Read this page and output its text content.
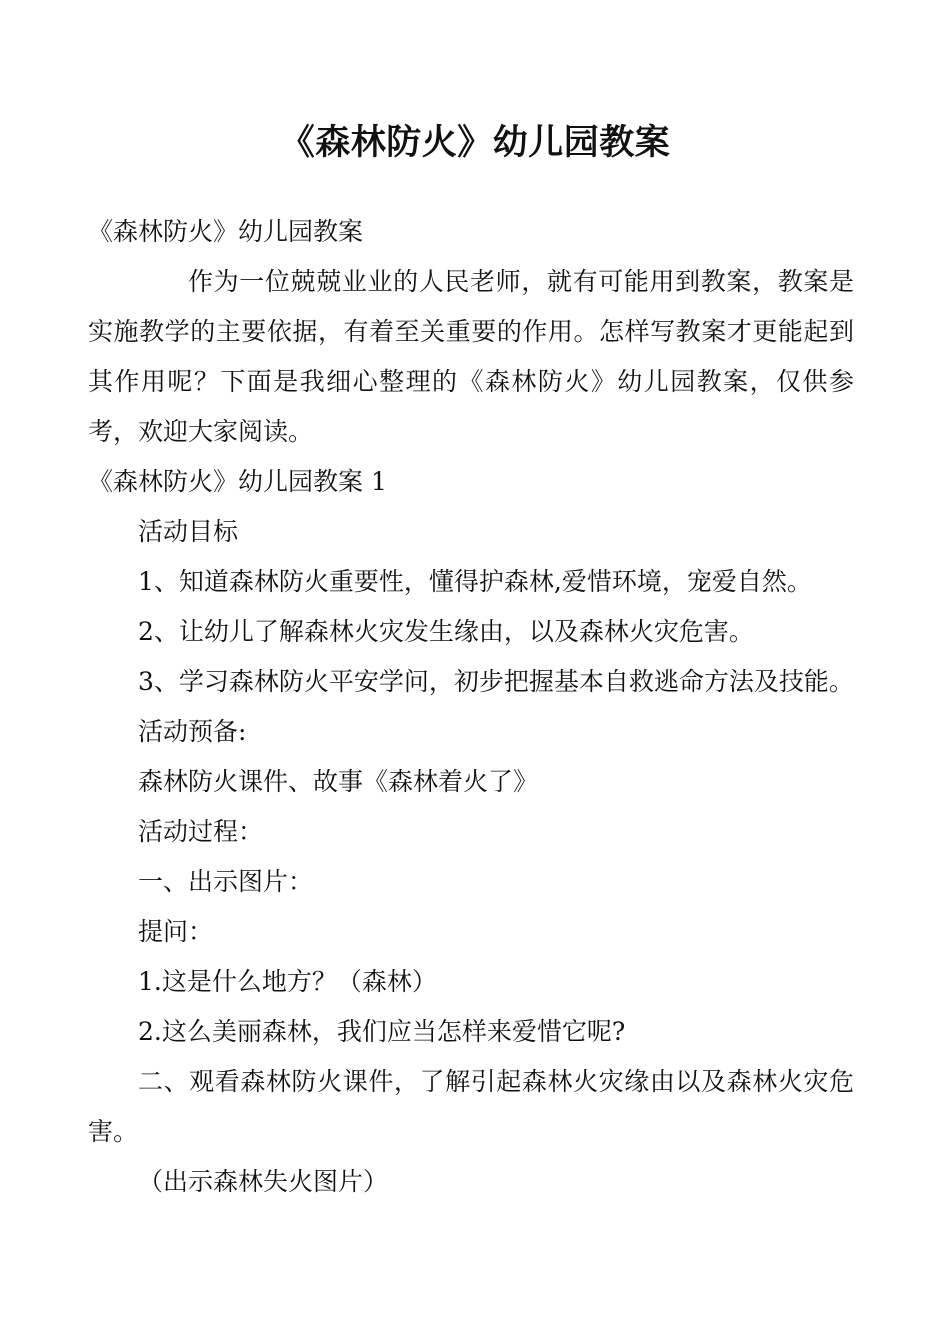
《森林防火》幼儿园教案

《森林防火》幼儿园教案

作为一位兢兢业业的人民老师，就有可能用到教案，教案是实施教学的主要依据，有着至关重要的作用。怎样写教案才更能起到其作用呢？下面是我细心整理的《森林防火》幼儿园教案，仅供参考，欢迎大家阅读。

《森林防火》幼儿园教案 1

活动目标

1、知道森林防火重要性，懂得护森林,爱惜环境，宠爱自然。

2、让幼儿了解森林火灾发生缘由，以及森林火灾危害。

3、学习森林防火平安学问，初步把握基本自救逃命方法及技能。

活动预备:

森林防火课件、故事《森林着火了》

活动过程：

一、出示图片：

提问：

1.这是什么地方？（森林）

2.这么美丽森林，我们应当怎样来爱惜它呢?

二、观看森林防火课件，了解引起森林火灾缘由以及森林火灾危害。

（出示森林失火图片）
